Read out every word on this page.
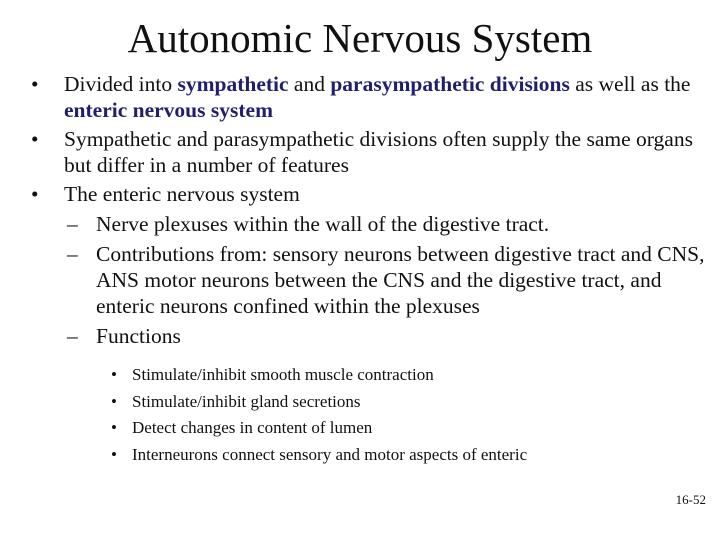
Autonomic Nervous System
• Divided into sympathetic and parasympathetic divisions as well as the enteric nervous system
• Sympathetic and parasympathetic divisions often supply the same organs but differ in a number of features
• The enteric nervous system
– Nerve plexuses within the wall of the digestive tract.
– Contributions from: sensory neurons between digestive tract and CNS, ANS motor neurons between the CNS and the digestive tract, and enteric neurons confined within the plexuses
– Functions
• Stimulate/inhibit smooth muscle contraction
• Stimulate/inhibit gland secretions
• Detect changes in content of lumen
• Interneurons connect sensory and motor aspects of enteric
16-52
